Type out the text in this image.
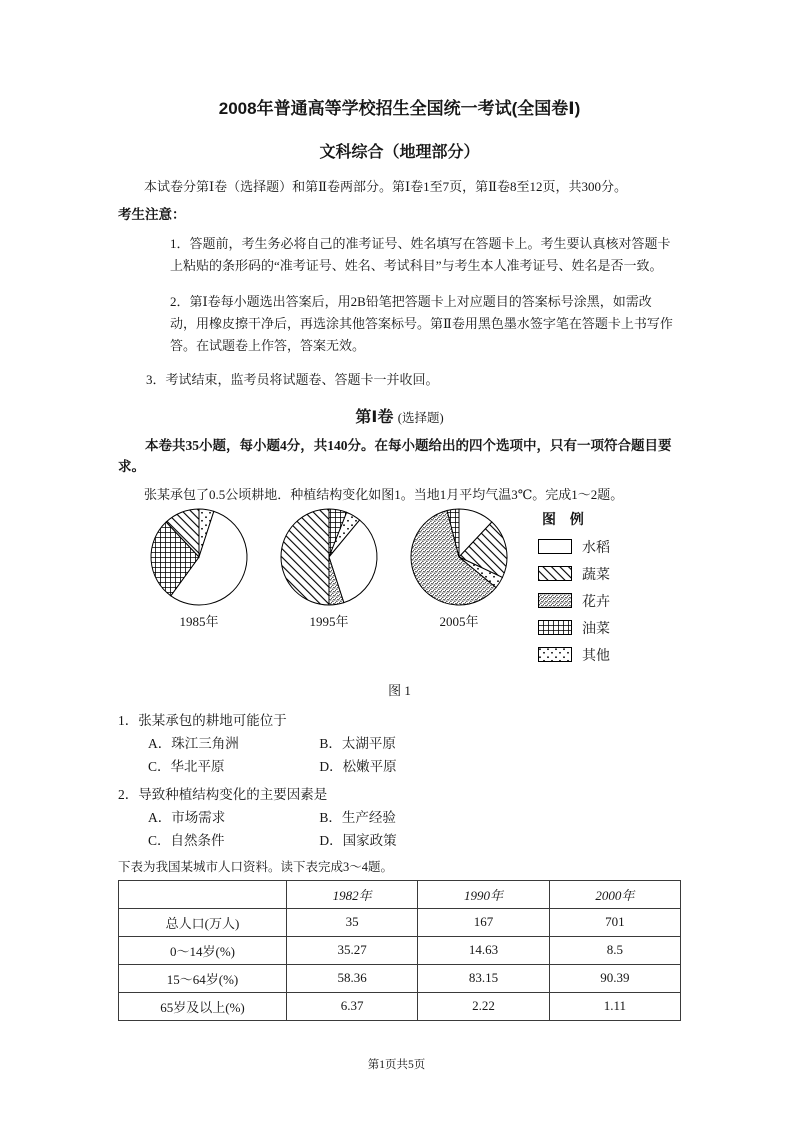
2008年普通高等学校招生全国统一考试(全国卷Ⅰ)
文科综合（地理部分）

本试卷分第Ⅰ卷（选择题）和第Ⅱ卷两部分。第Ⅰ卷1至7页，第Ⅱ卷8至12页，共300分。

考生注意：

1．答题前，考生务必将自己的准考证号、姓名填写在答题卡上。考生要认真核对答题卡上粘贴的条形码的“准考证号、姓名、考试科目”与考生本人准考证号、姓名是否一致。

2．第Ⅰ卷每小题选出答案后，用2B铅笔把答题卡上对应题目的答案标号涂黑，如需改动，用橡皮擦干净后，再选涂其他答案标号。第Ⅱ卷用黑色墨水签字笔在答题卡上书写作答。在试题卷上作答，答案无效。

3．考试结束，监考员将试题卷、答题卡一并收回。

第Ⅰ卷 (选择题)

本卷共35小题，每小题4分，共140分。在每小题给出的四个选项中，只有一项符合题目要求。

张某承包了0.5公顷耕地．种植结构变化如图1。当地1月平均气温3℃。完成1～2题。

1985年	1995年	2005年
图 例
水稻
蔬菜
花卉
油菜
其他

图 1

1．张某承包的耕地可能位于

A．珠江三角洲	B．太湖平原

C．华北平原	D．松嫩平原

2．导致种植结构变化的主要因素是

A．市场需求	B．生产经验

C．自然条件	D．国家政策

下表为我国某城市人口资料。读下表完成3～4题。

	1982年	1990年	2000年
总人口(万人)	35	167	701
0～14岁(%)	35.27	14.63	8.5
15～64岁(%)	58.36	83.15	90.39
65岁及以上(%)	6.37	2.22	1.11
第1页共5页
